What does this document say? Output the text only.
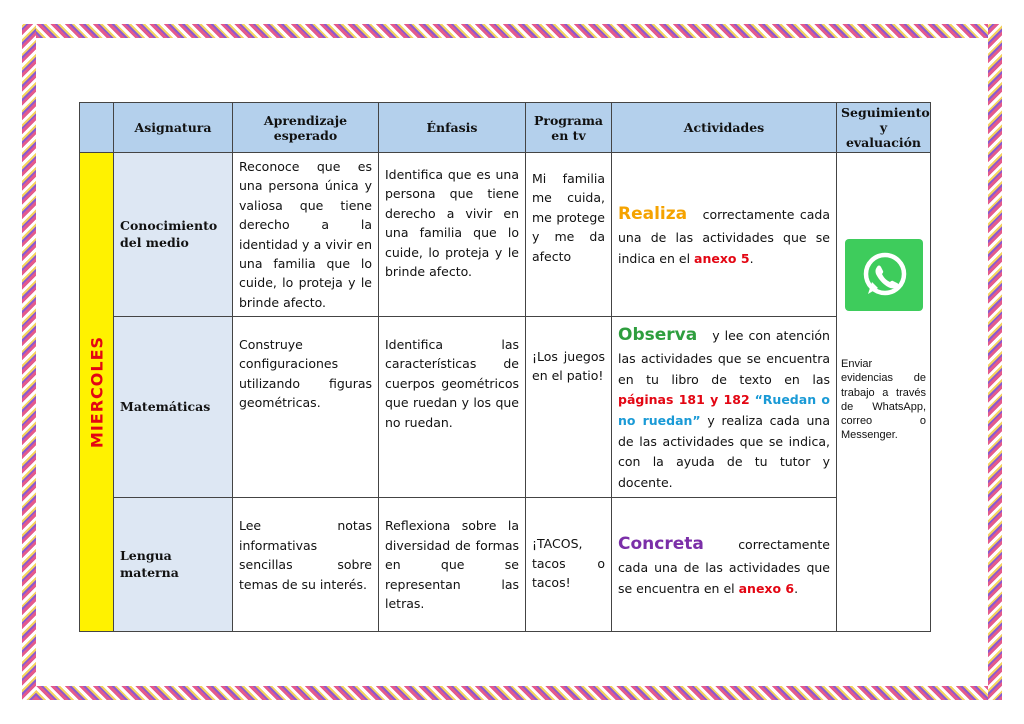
	Asignatura	Aprendizaje esperado	Énfasis	Programa en tv	Actividades	Seguimiento y evaluación

MIERCOLES	Conocimiento del medio	Reconoce que es una persona única y valiosa que tiene derecho a la identidad y a vivir en una familia que lo cuide, lo proteja y le brinde afecto.	Identifica que es una persona que tiene derecho a vivir en una familia que lo cuide, lo proteja y le brinde afecto.	Mi familia me cuida, me protege y me da afecto	Realiza correctamente cada una de las actividades que se indica en el anexo 5.	Enviar evidencias de trabajo a través de WhatsApp, correo o Messenger.

	Matemáticas	Construye configuraciones utilizando figuras geométricas.	Identifica las características de cuerpos geométricos que ruedan y los que no ruedan.	¡Los juegos en el patio!	Observa y lee con atención las actividades que se encuentra en tu libro de texto en las páginas 181 y 182 “Ruedan o no ruedan” y realiza cada una de las actividades que se indica, con la ayuda de tu tutor y docente.	
	Lengua materna	Lee notas informativas sencillas sobre temas de su interés.	Reflexiona sobre la diversidad de formas en que se representan las letras.	¡TACOS, tacos o tacos!	Concreta correctamente cada una de las actividades que se encuentra en el anexo 6.	
